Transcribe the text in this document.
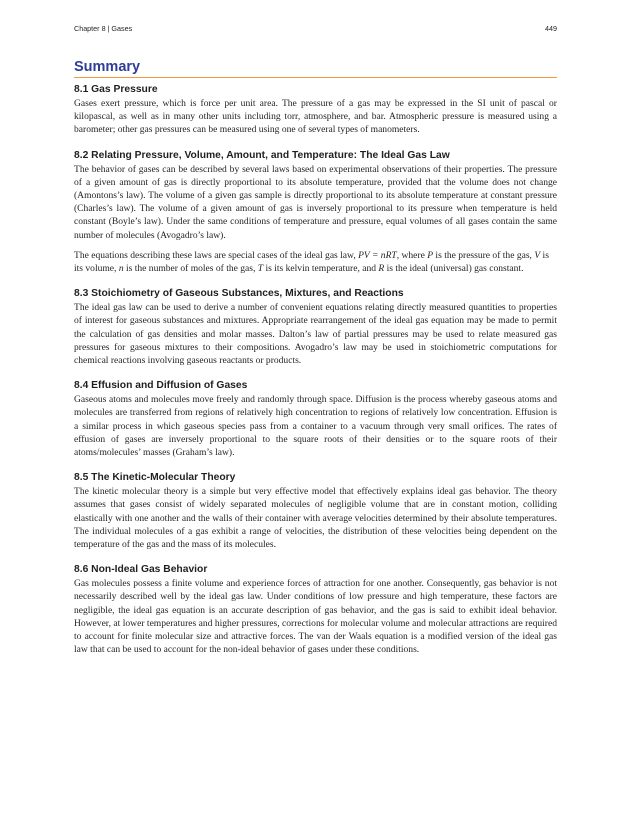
Chapter 8 | Gases	449
Summary
8.1 Gas Pressure

Gases exert pressure, which is force per unit area. The pressure of a gas may be expressed in the SI unit of pascal or kilopascal, as well as in many other units including torr, atmosphere, and bar. Atmospheric pressure is measured using a barometer; other gas pressures can be measured using one of several types of manometers.

8.2 Relating Pressure, Volume, Amount, and Temperature: The Ideal Gas Law

The behavior of gases can be described by several laws based on experimental observations of their properties. The pressure of a given amount of gas is directly proportional to its absolute temperature, provided that the volume does not change (Amontons’s law). The volume of a given gas sample is directly proportional to its absolute temperature at constant pressure (Charles’s law). The volume of a given amount of gas is inversely proportional to its pressure when temperature is held constant (Boyle’s law). Under the same conditions of temperature and pressure, equal volumes of all gases contain the same number of molecules (Avogadro’s law).

The equations describing these laws are special cases of the ideal gas law, PV = nRT, where P is the pressure of the gas, V is its volume, n is the number of moles of the gas, T is its kelvin temperature, and R is the ideal (universal) gas constant.

8.3 Stoichiometry of Gaseous Substances, Mixtures, and Reactions

The ideal gas law can be used to derive a number of convenient equations relating directly measured quantities to properties of interest for gaseous substances and mixtures. Appropriate rearrangement of the ideal gas equation may be made to permit the calculation of gas densities and molar masses. Dalton’s law of partial pressures may be used to relate measured gas pressures for gaseous mixtures to their compositions. Avogadro’s law may be used in stoichiometric computations for chemical reactions involving gaseous reactants or products.

8.4 Effusion and Diffusion of Gases

Gaseous atoms and molecules move freely and randomly through space. Diffusion is the process whereby gaseous atoms and molecules are transferred from regions of relatively high concentration to regions of relatively low concentration. Effusion is a similar process in which gaseous species pass from a container to a vacuum through very small orifices. The rates of effusion of gases are inversely proportional to the square roots of their densities or to the square roots of their atoms/molecules’ masses (Graham’s law).

8.5 The Kinetic-Molecular Theory

The kinetic molecular theory is a simple but very effective model that effectively explains ideal gas behavior. The theory assumes that gases consist of widely separated molecules of negligible volume that are in constant motion, colliding elastically with one another and the walls of their container with average velocities determined by their absolute temperatures. The individual molecules of a gas exhibit a range of velocities, the distribution of these velocities being dependent on the temperature of the gas and the mass of its molecules.

8.6 Non-Ideal Gas Behavior

Gas molecules possess a finite volume and experience forces of attraction for one another. Consequently, gas behavior is not necessarily described well by the ideal gas law. Under conditions of low pressure and high temperature, these factors are negligible, the ideal gas equation is an accurate description of gas behavior, and the gas is said to exhibit ideal behavior. However, at lower temperatures and higher pressures, corrections for molecular volume and molecular attractions are required to account for finite molecular size and attractive forces. The van der Waals equation is a modified version of the ideal gas law that can be used to account for the non-ideal behavior of gases under these conditions.
